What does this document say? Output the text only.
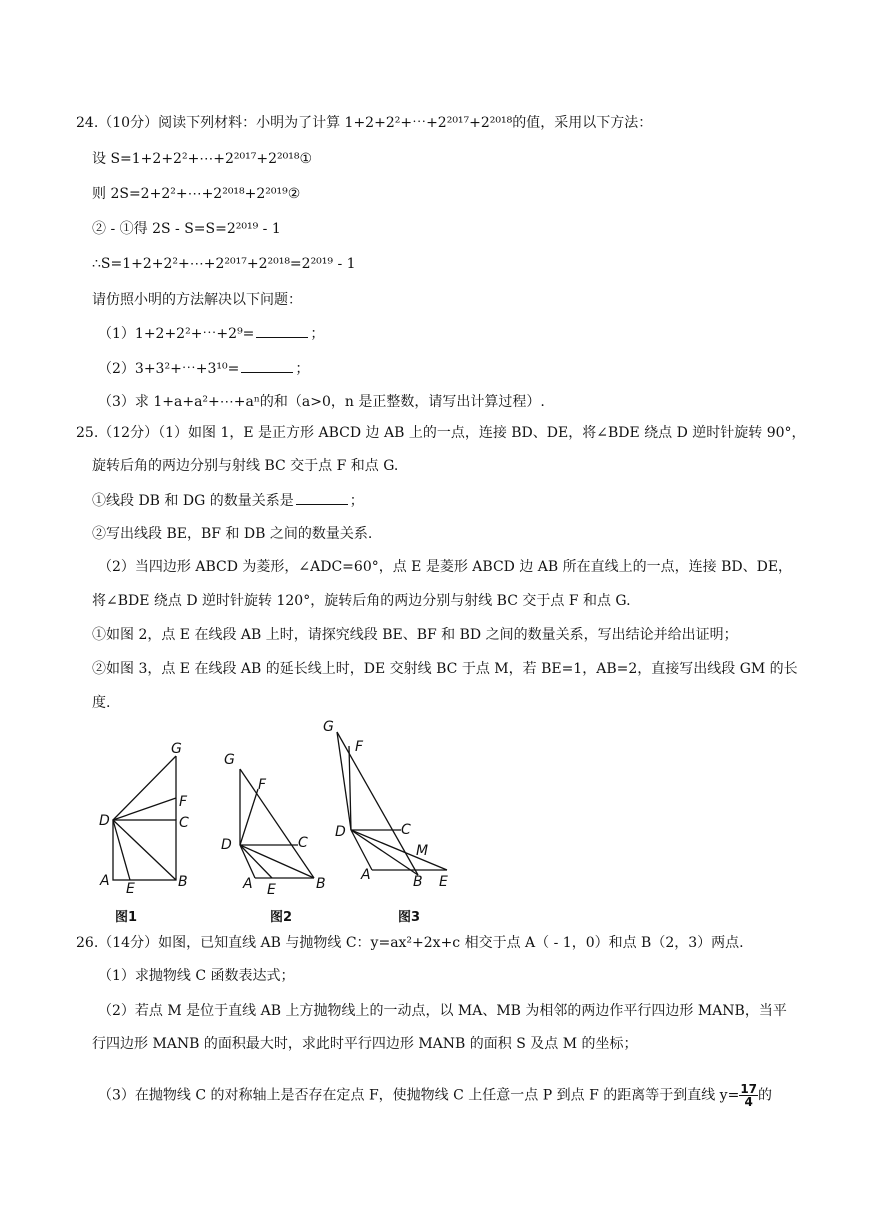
24.（10分）阅读下列材料：小明为了计算 1+2+2²+⋯+2²⁰¹⁷+2²⁰¹⁸的值，采用以下方法：
设 S=1+2+2²+⋯+2²⁰¹⁷+2²⁰¹⁸①
则 2S=2+2²+⋯+2²⁰¹⁸+2²⁰¹⁹②
② - ①得 2S - S=S=2²⁰¹⁹ - 1
∴S=1+2+2²+⋯+2²⁰¹⁷+2²⁰¹⁸=2²⁰¹⁹ - 1
请仿照小明的方法解决以下问题：
（1）1+2+2²+⋯+2⁹=	；
（2）3+3²+⋯+3¹⁰=	；
（3）求 1+a+a²+⋯+aⁿ的和（a>0，n 是正整数，请写出计算过程）.
25.（12分）（1）如图 1，E 是正方形 ABCD 边 AB 上的一点，连接 BD、DE，将∠BDE 绕点 D 逆时针旋转 90°，
旋转后角的两边分别与射线 BC 交于点 F 和点 G.
①线段 DB 和 DG 的数量关系是	；
②写出线段 BE，BF 和 DB 之间的数量关系.
（2）当四边形 ABCD 为菱形，∠ADC=60°，点 E 是菱形 ABCD 边 AB 所在直线上的一点，连接 BD、DE，
将∠BDE 绕点 D 逆时针旋转 120°，旋转后角的两边分别与射线 BC 交于点 F 和点 G.
①如图 2，点 E 在线段 AB 上时，请探究线段 BE、BF 和 BD 之间的数量关系，写出结论并给出证明；
②如图 3，点 E 在线段 AB 的延长线上时，DE 交射线 BC 于点 M，若 BE=1，AB=2，直接写出线段 GM 的长
度.
G
F
C
D
A E	B
G
F
C
D
A E	B
G
F
C
D
M
A	B E
图1	图2	图3
26.（14分）如图，已知直线 AB 与抛物线 C：y=ax²+2x+c 相交于点 A（ - 1，0）和点 B（2，3）两点.
（1）求抛物线 C 函数表达式；
（2）若点 M 是位于直线 AB 上方抛物线上的一动点，以 MA、MB 为相邻的两边作平行四边形 MANB，当平
行四边形 MANB 的面积最大时，求此时平行四边形 MANB 的面积 S 及点 M 的坐标；
（3）在抛物线 C 的对称轴上是否存在定点 F，使抛物线 C 上任意一点 P 到点 F 的距离等于到直线 $y= \frac{17}{4}$ 的
